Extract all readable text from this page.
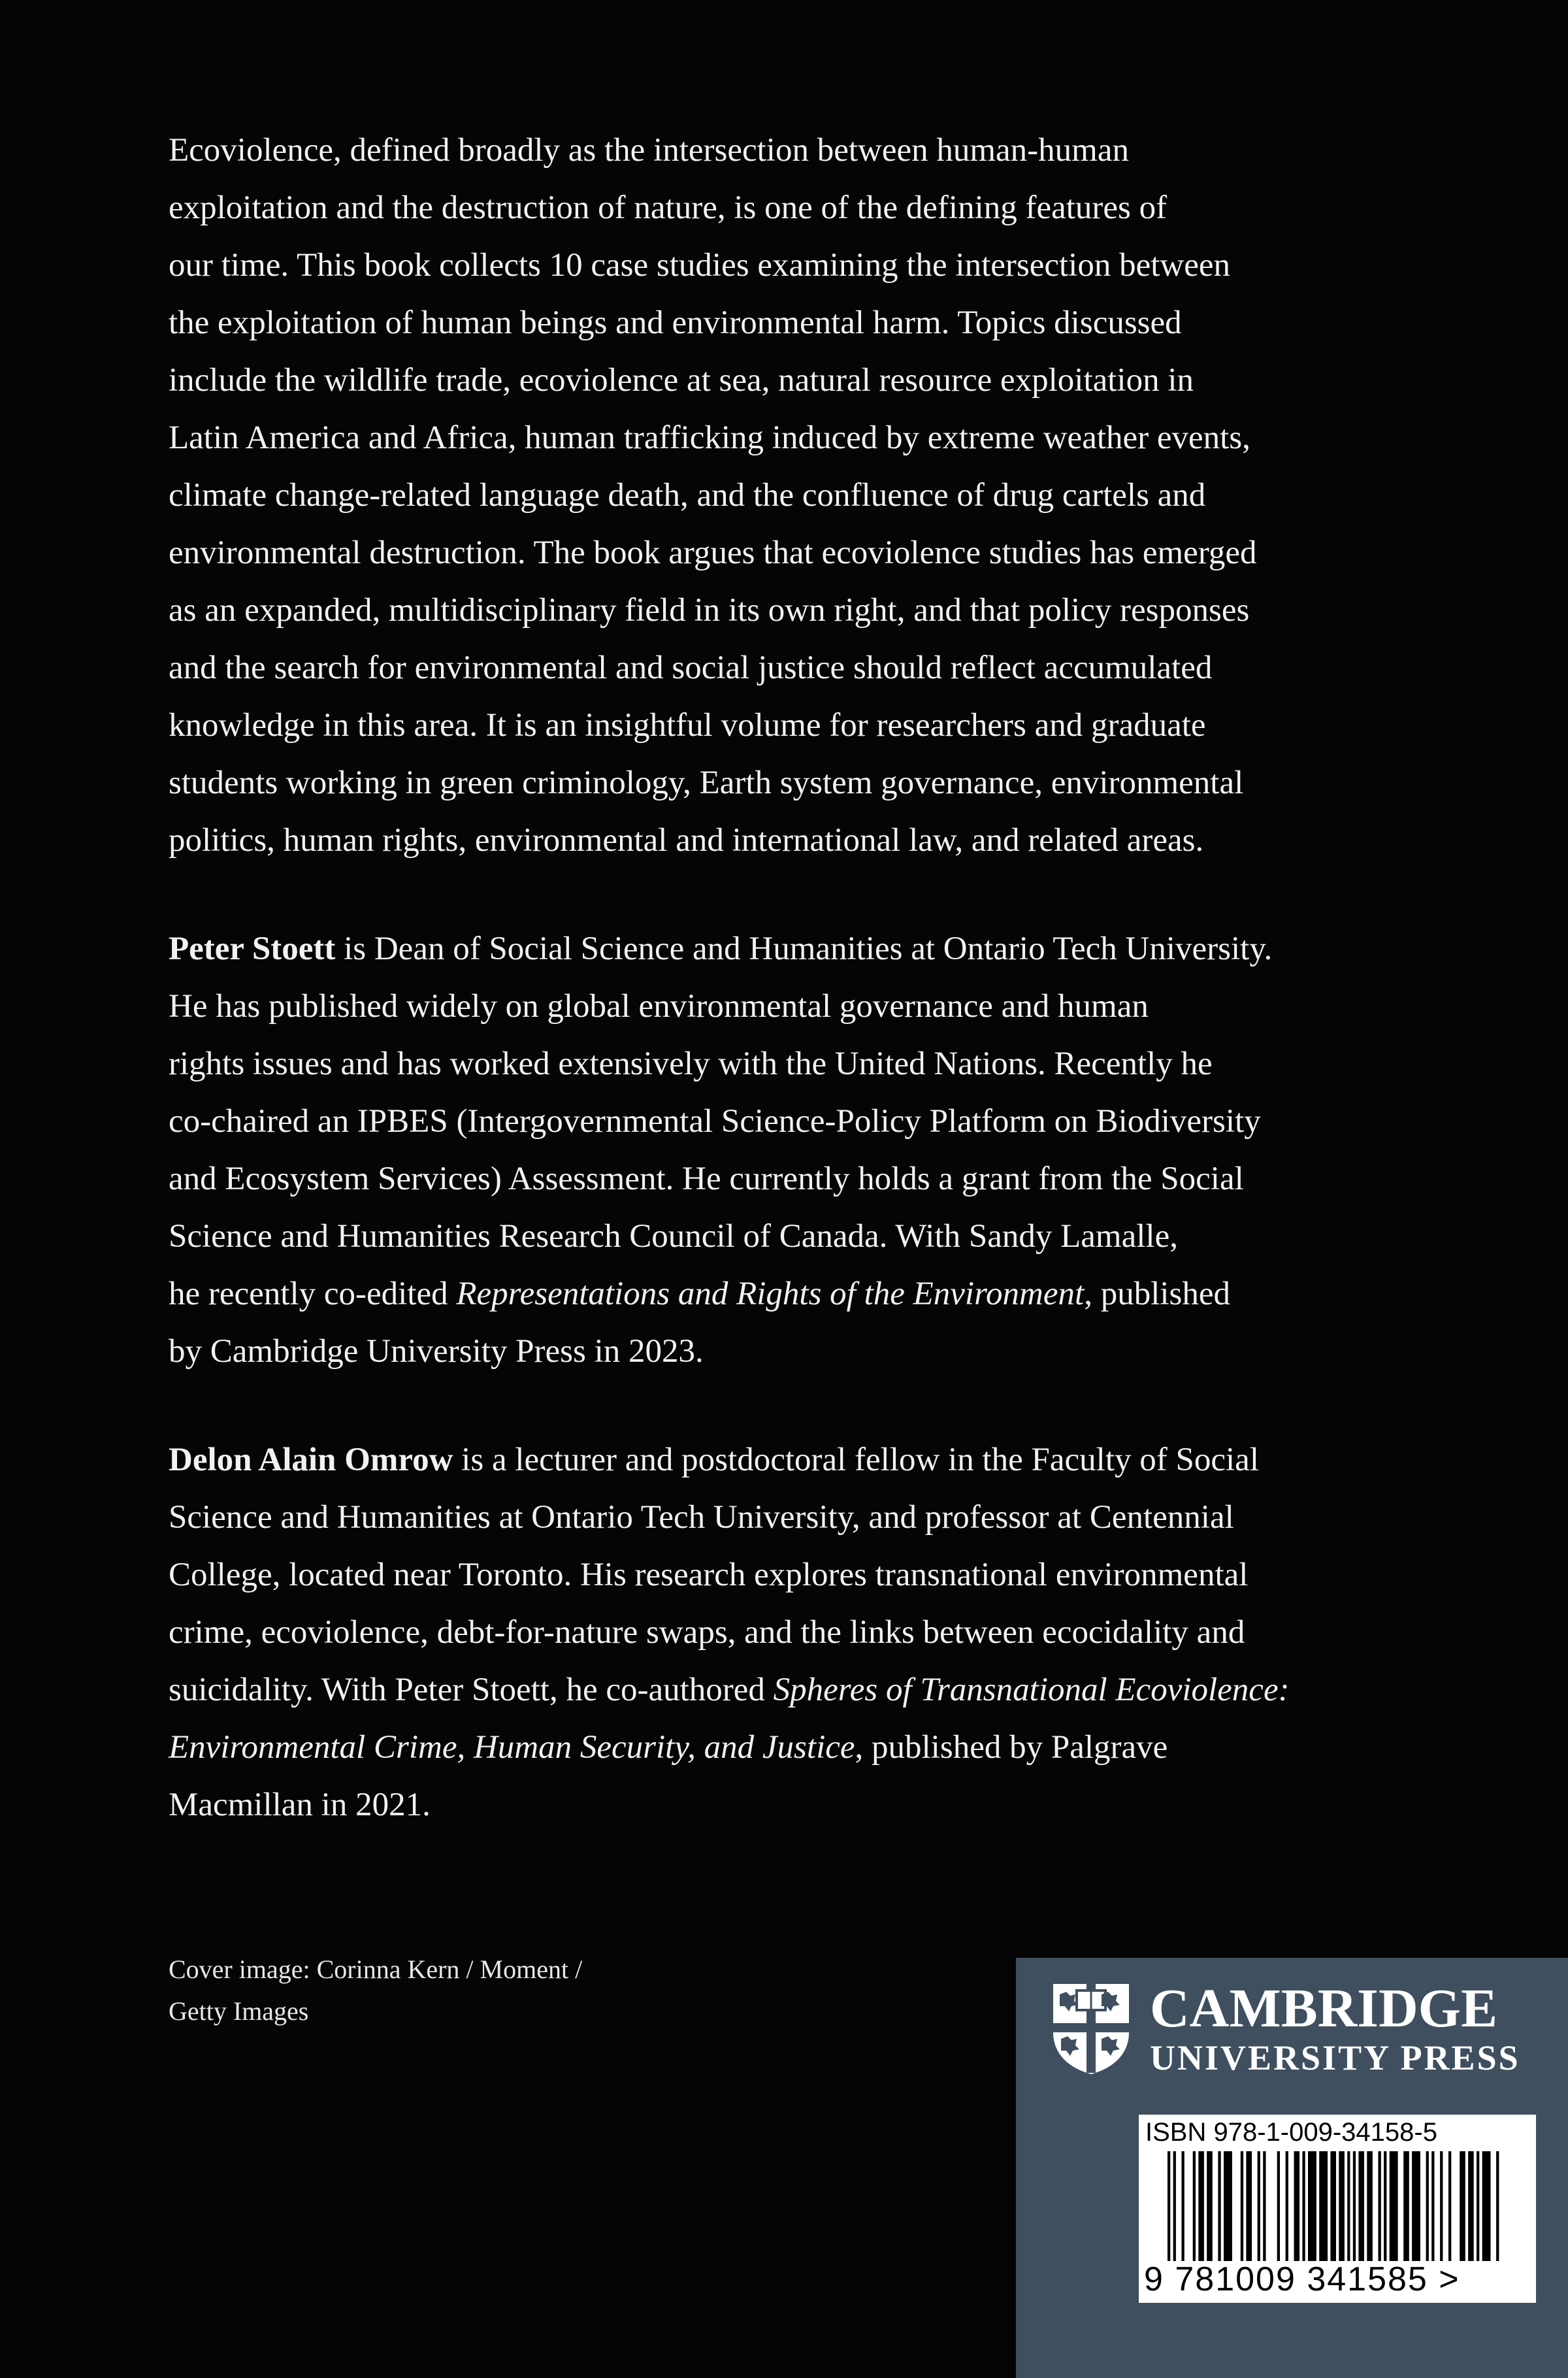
Ecoviolence, defined broadly as the intersection between human-human
exploitation and the destruction of nature, is one of the defining features of
our time. This book collects 10 case studies examining the intersection between
the exploitation of human beings and environmental harm. Topics discussed
include the wildlife trade, ecoviolence at sea, natural resource exploitation in
Latin America and Africa, human trafficking induced by extreme weather events,
climate change-related language death, and the confluence of drug cartels and
environmental destruction. The book argues that ecoviolence studies has emerged
as an expanded, multidisciplinary field in its own right, and that policy responses
and the search for environmental and social justice should reflect accumulated
knowledge in this area. It is an insightful volume for researchers and graduate
students working in green criminology, Earth system governance, environmental
politics, human rights, environmental and international law, and related areas.
Peter Stoett is Dean of Social Science and Humanities at Ontario Tech University.
He has published widely on global environmental governance and human
rights issues and has worked extensively with the United Nations. Recently he
co-chaired an IPBES (Intergovernmental Science-Policy Platform on Biodiversity
and Ecosystem Services) Assessment. He currently holds a grant from the Social
Science and Humanities Research Council of Canada. With Sandy Lamalle,
he recently co-edited Representations and Rights of the Environment, published
by Cambridge University Press in 2023.
Delon Alain Omrow is a lecturer and postdoctoral fellow in the Faculty of Social
Science and Humanities at Ontario Tech University, and professor at Centennial
College, located near Toronto. His research explores transnational environmental
crime, ecoviolence, debt-for-nature swaps, and the links between ecocidality and
suicidality. With Peter Stoett, he co-authored Spheres of Transnational Ecoviolence:
Environmental Crime, Human Security, and Justice, published by Palgrave
Macmillan in 2021.
Cover image: Corinna Kern / Moment /
Getty Images	CAMBRIDGE
UNIVERSITY PRESS
ISBN 978-1-009-34158-5
9 781009 341585 >
